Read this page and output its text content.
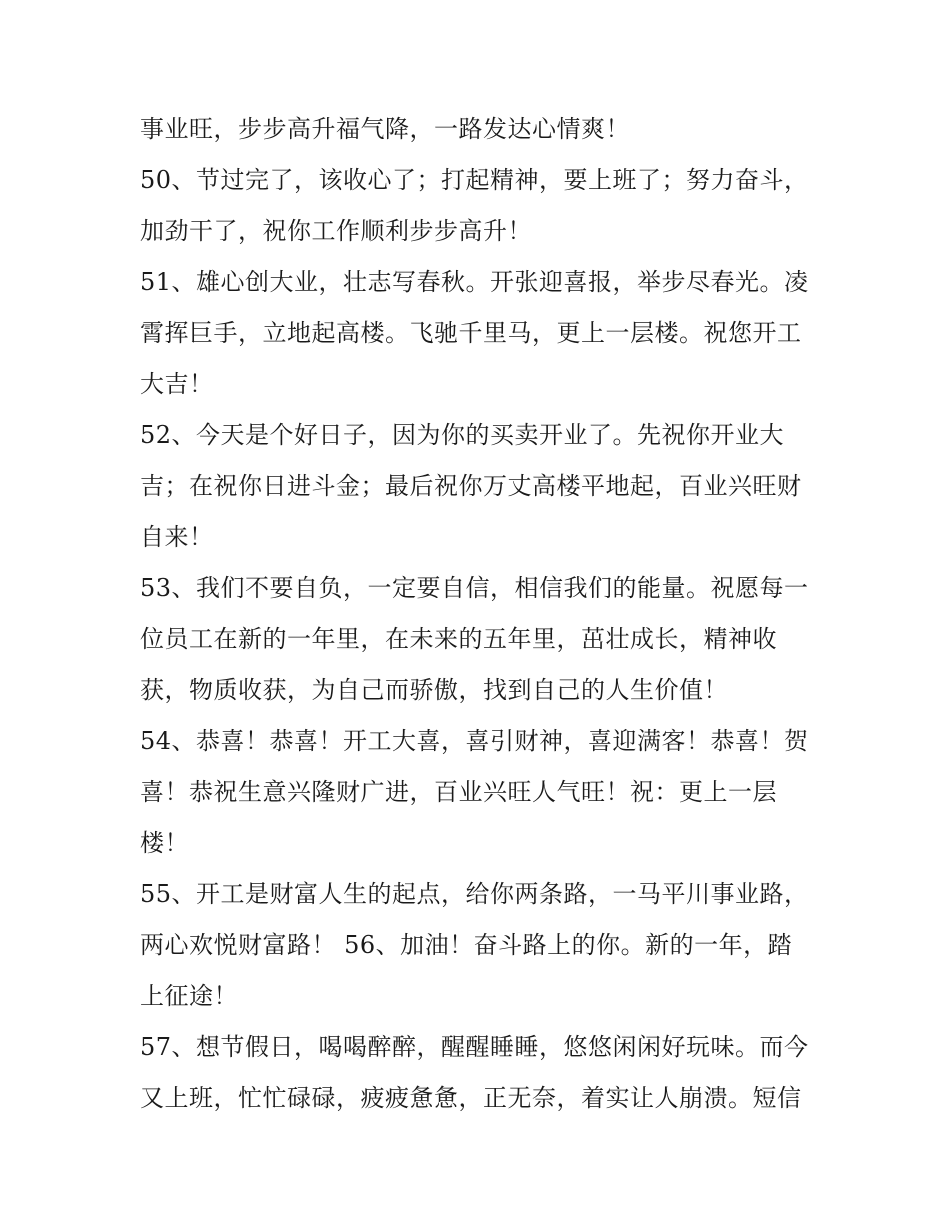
事业旺，步步高升福气降，一路发达心情爽！
50、节过完了，该收心了；打起精神，要上班了；努力奋斗，
加劲干了，祝你工作顺利步步高升！
51、雄心创大业，壮志写春秋。开张迎喜报，举步尽春光。凌
霄挥巨手，立地起高楼。飞驰千里马，更上一层楼。祝您开工
大吉！
52、今天是个好日子，因为你的买卖开业了。先祝你开业大
吉；在祝你日进斗金；最后祝你万丈高楼平地起，百业兴旺财
自来！
53、我们不要自负，一定要自信，相信我们的能量。祝愿每一
位员工在新的一年里，在未来的五年里，茁壮成长，精神收
获，物质收获，为自己而骄傲，找到自己的人生价值！
54、恭喜！恭喜！开工大喜，喜引财神，喜迎满客！恭喜！贺
喜！恭祝生意兴隆财广进，百业兴旺人气旺！祝：更上一层
楼！
55、开工是财富人生的起点，给你两条路，一马平川事业路，
两心欢悦财富路！ 56、加油！奋斗路上的你。新的一年，踏
上征途！
57、想节假日，喝喝醉醉，醒醒睡睡，悠悠闲闲好玩味。而今
又上班，忙忙碌碌，疲疲惫惫，正无奈，着实让人崩溃。短信
